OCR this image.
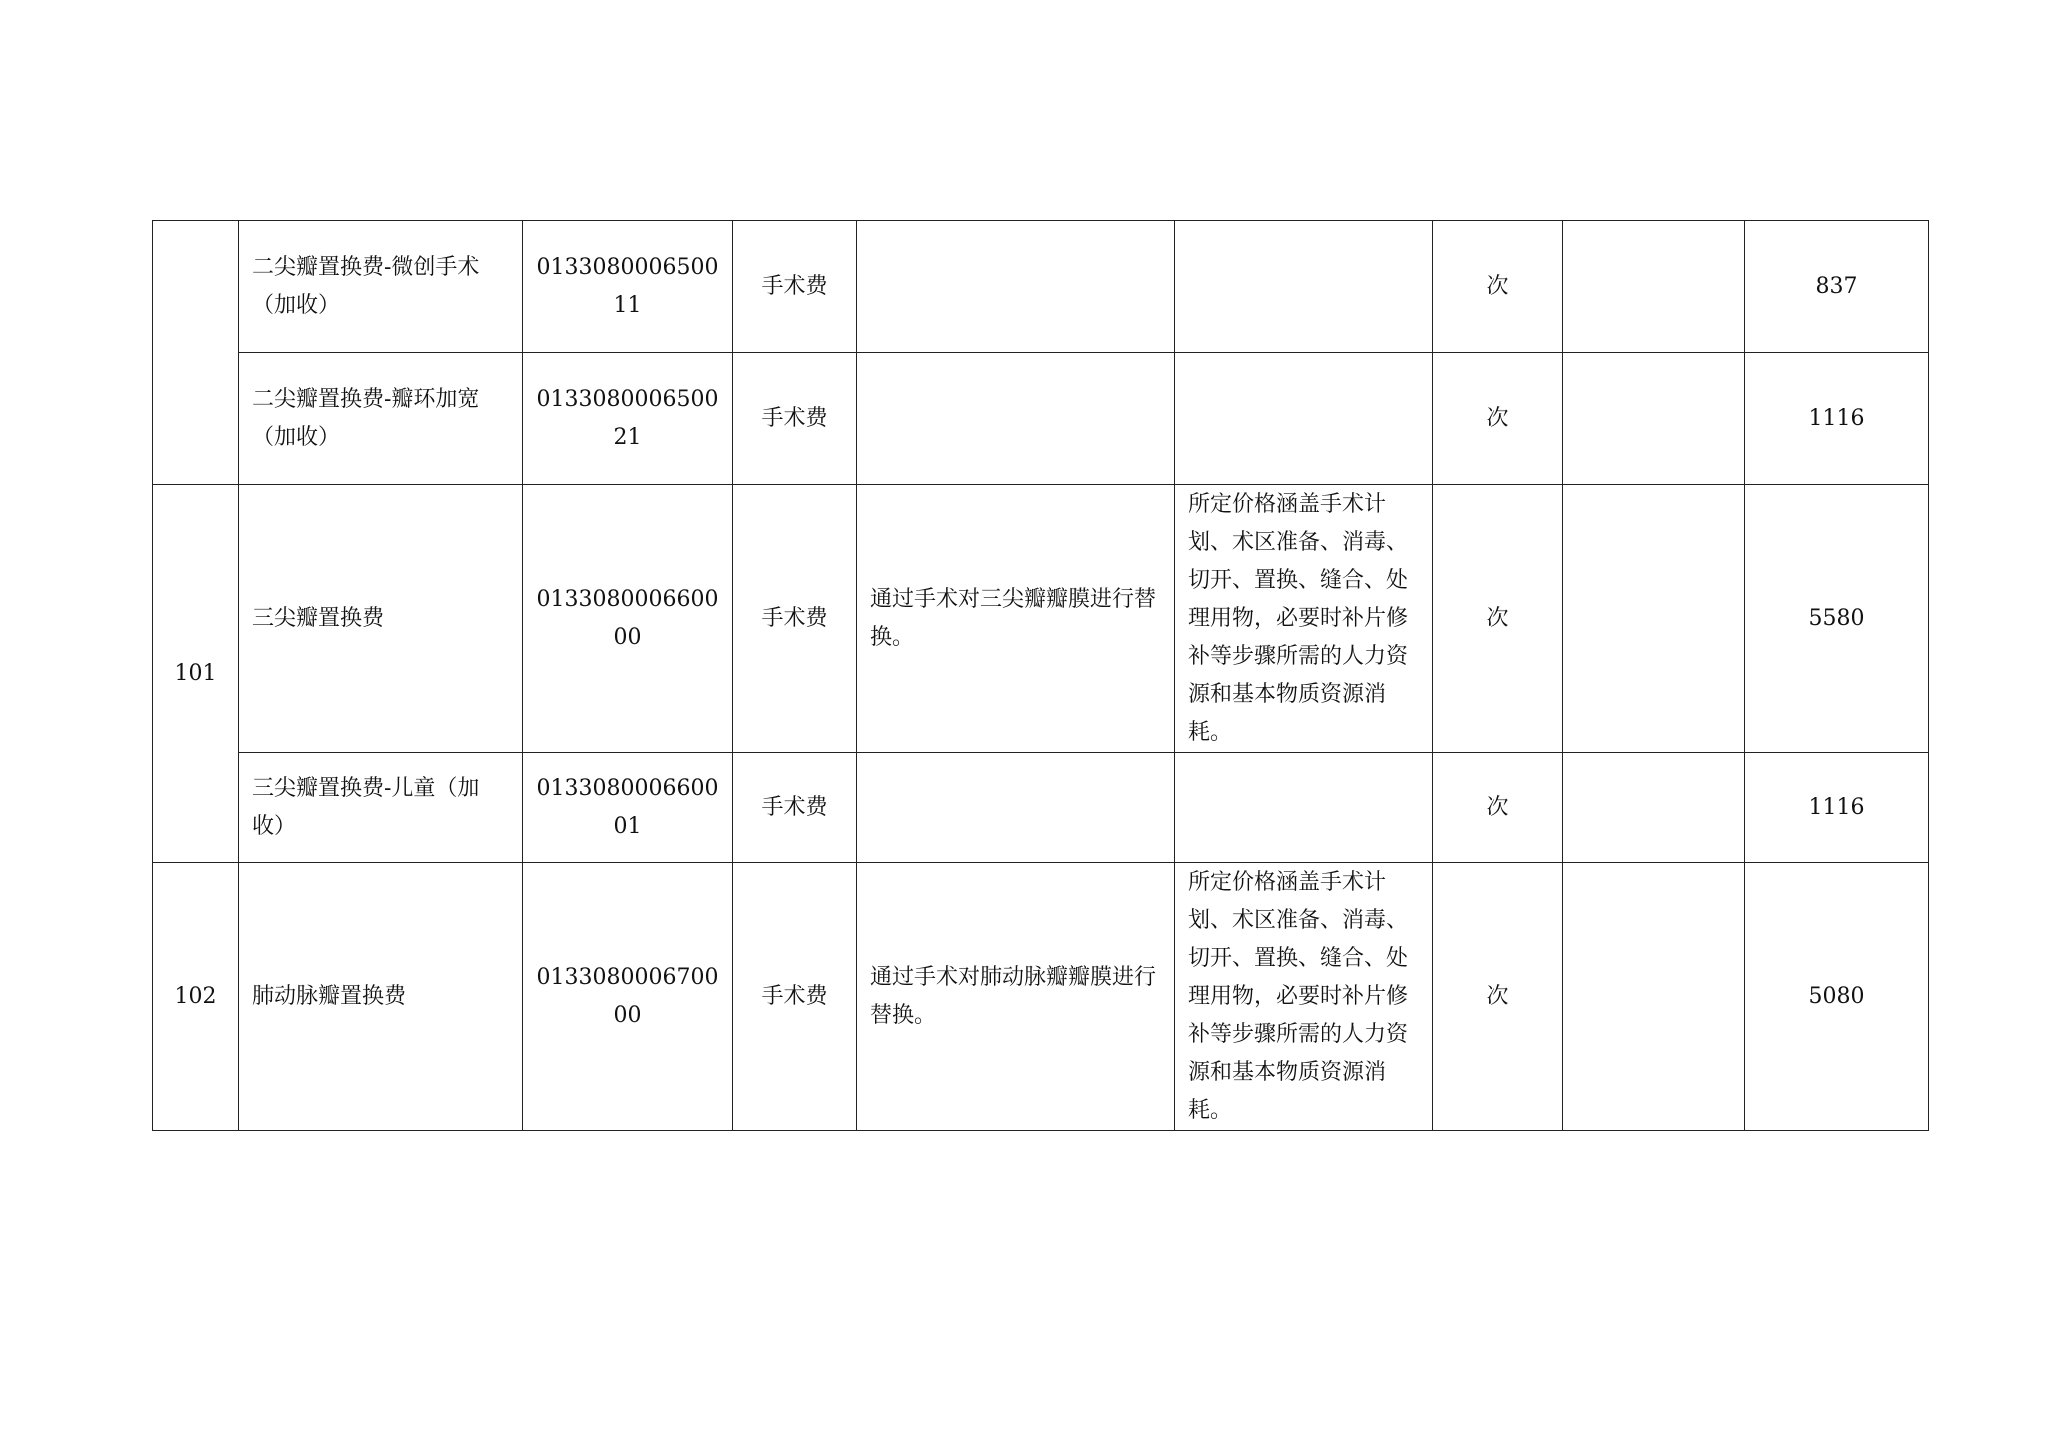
	二尖瓣置换费-微创手术（加收）	013308000650011	手术费			次		837
	二尖瓣置换费-瓣环加宽（加收）	013308000650021	手术费			次		1116
101	三尖瓣置换费	013308000660000	手术费	通过手术对三尖瓣瓣膜进行替换。	所定价格涵盖手术计划、术区准备、消毒、切开、置换、缝合、处理用物，必要时补片修补等步骤所需的人力资源和基本物质资源消耗。	次		5580
	三尖瓣置换费-儿童（加收）	013308000660001	手术费			次		1116
102	肺动脉瓣置换费	013308000670000	手术费	通过手术对肺动脉瓣瓣膜进行替换。	所定价格涵盖手术计划、术区准备、消毒、切开、置换、缝合、处理用物，必要时补片修补等步骤所需的人力资源和基本物质资源消耗。	次		5080
